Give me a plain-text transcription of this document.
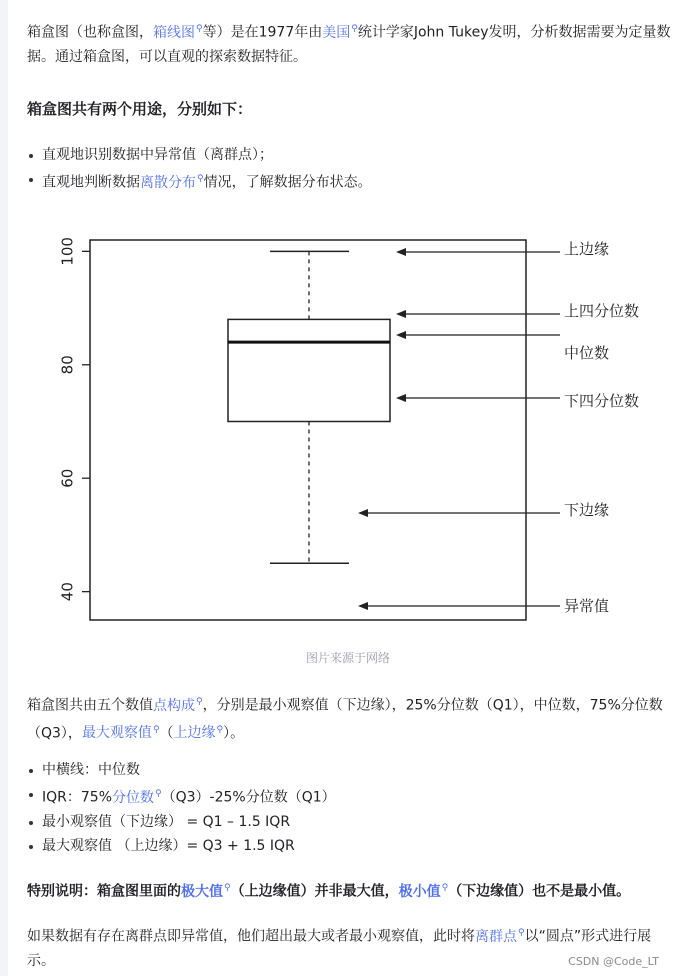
箱盒图（也称盒图，箱线图 ⚲ 等）是在1977年由美国 ⚲ 统计学家John Tukey发明，分析数据需要为定量数据。通过箱盒图，可以直观的探索数据特征。

箱盒图共有两个用途，分别如下：
直观地识别数据中异常值（离群点）；
直观地判断数据离散分布 ⚲ 情况，了解数据分布状态。
40
60
80
100	上边缘
上四分位数
中位数
下四分位数
下边缘
异常值
图片来源于网络

箱盒图共由五个数值点构成 ⚲ ，分别是最小观察值（下边缘），25%分位数（Q1），中位数，75%分位数（Q3），最大观察值 ⚲ （上边缘 ⚲ ）。

中横线：中位数
IQR：75%分位数 ⚲ （Q3）-25%分位数（Q1）
最小观察值（下边缘） = Q1 – 1.5 IQR
最大观察值 （上边缘）= Q3 + 1.5 IQR

特别说明：箱盒图里面的极大值 ⚲ （上边缘值）并非最大值，极小值 ⚲ （下边缘值）也不是最小值。

如果数据有存在离群点即异常值，他们超出最大或者最小观察值，此时将离群点 ⚲ 以“圆点”形式进行展示。	CSDN @Code_LT
